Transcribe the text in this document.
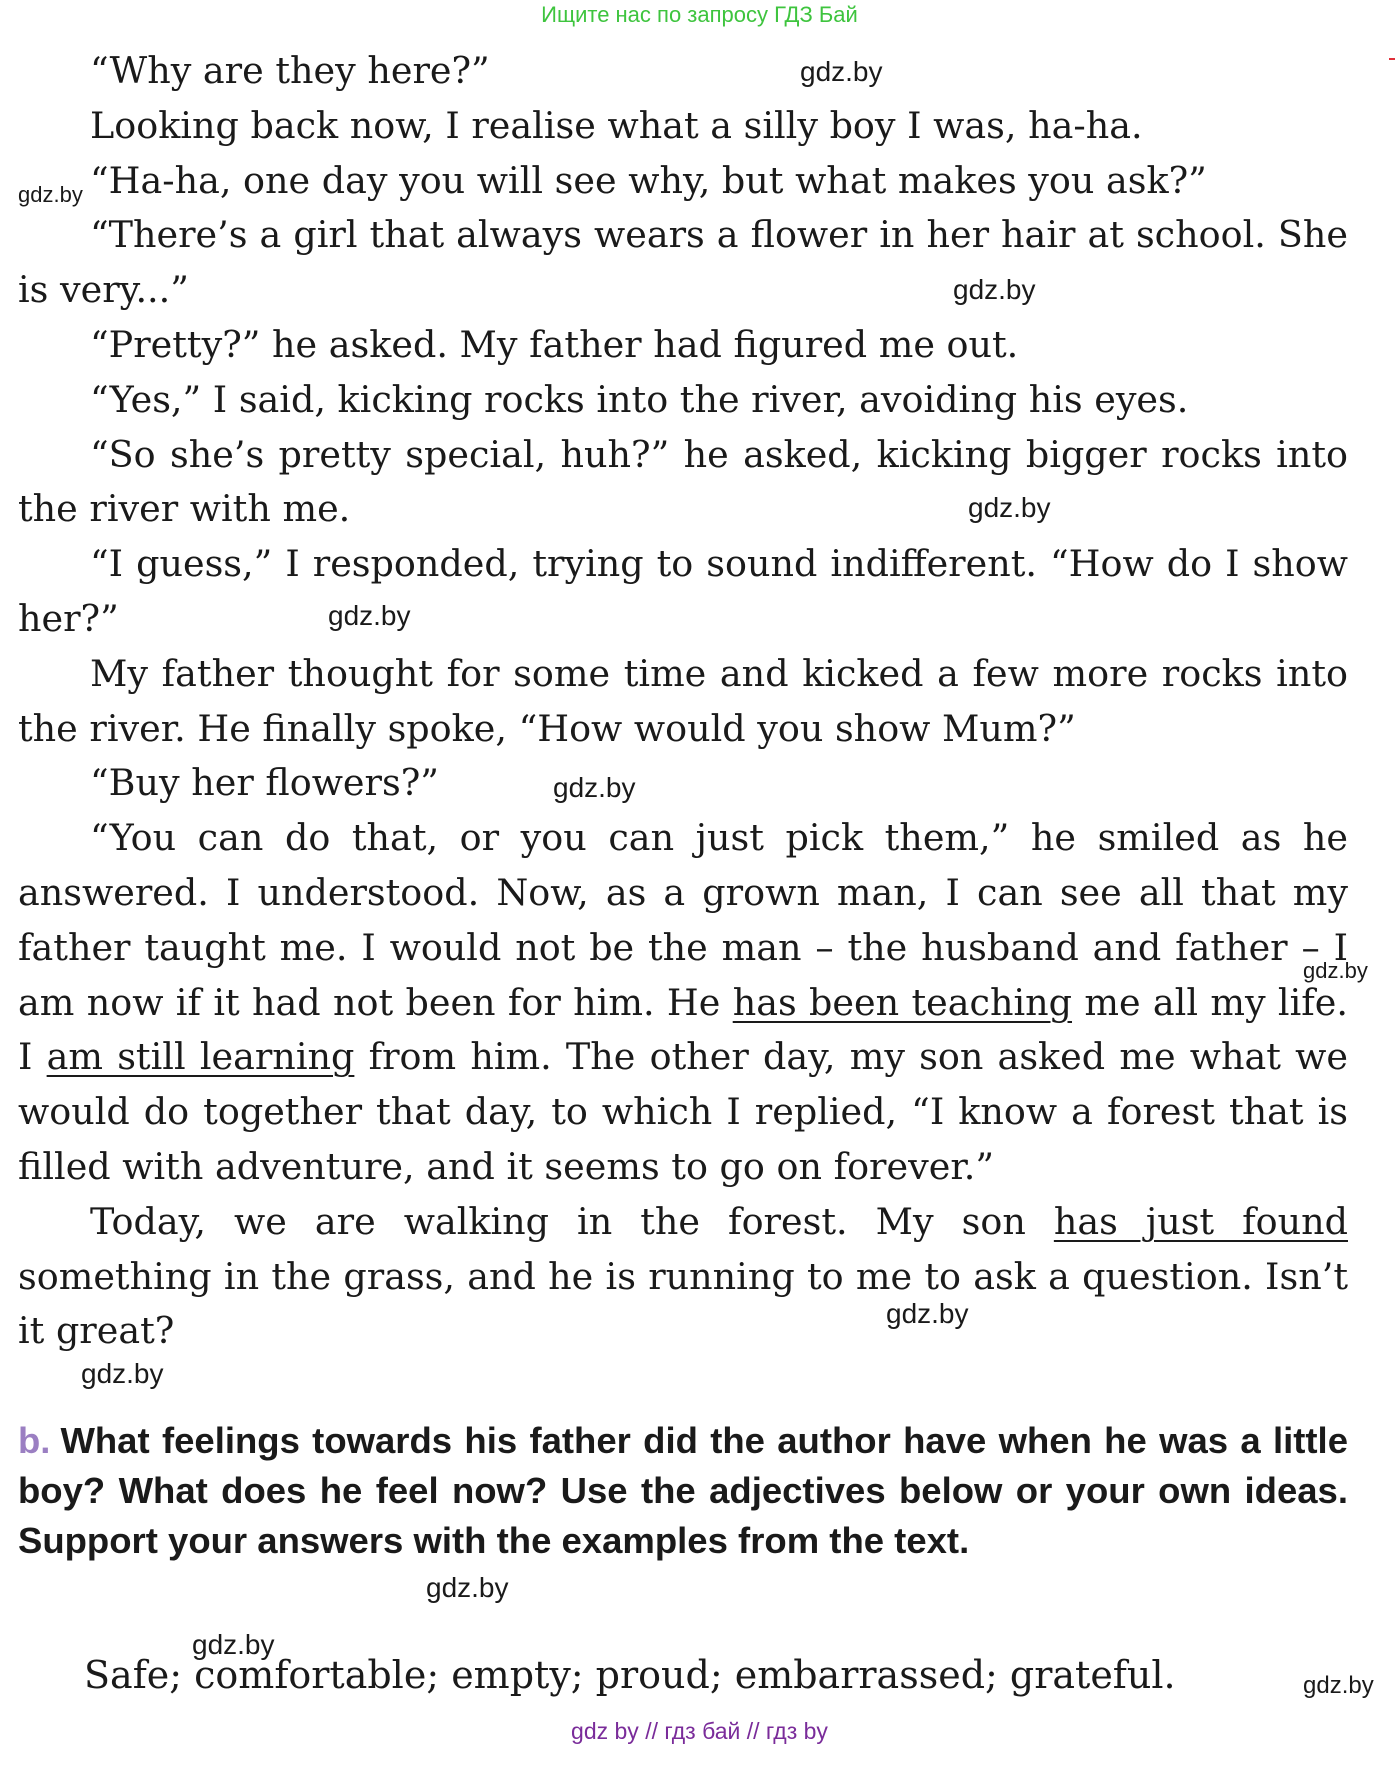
Ищите нас по запросу ГДЗ Бай

“Why are they here?”

Looking back now, I realise what a silly boy I was, ha-ha.

“Ha-ha, one day you will see why, but what makes you ask?”

“There’s a girl that always wears a flower in her hair at school. She is very...”

“Pretty?” he asked. My father had figured me out.

“Yes,” I said, kicking rocks into the river, avoiding his eyes.

“So she’s pretty special, huh?” he asked, kicking bigger rocks into the river with me.

“I guess,” I responded, trying to sound indifferent. “How do I show her?”

My father thought for some time and kicked a few more rocks into the river. He finally spoke, “How would you show Mum?”

“Buy her flowers?”

“You can do that, or you can just pick them,” he smiled as he answered. I understood. Now, as a grown man, I can see all that my father taught me. I would not be the man – the husband and father – I am now if it had not been for him. He has been teaching me all my life. I am still learning from him. The other day, my son asked me what we would do together that day, to which I replied, “I know a forest that is filled with adventure, and it seems to go on forever.”

Today, we are walking in the forest. My son has just found something in the grass, and he is running to me to ask a question. Isn’t it great?

gdz.by
gdz.by
gdz.by
gdz.by
gdz.by
gdz.by
gdz.by
gdz.by
gdz.by
gdz.by
gdz.by
gdz.by
b. What feelings towards his father did the author have when he was a little boy? What does he feel now? Use the adjectives below or your own ideas. Support your answers with the examples from the text.
Safe; comfortable; empty; proud; embarrassed; grateful.
gdz by // гдз бай // гдз by
